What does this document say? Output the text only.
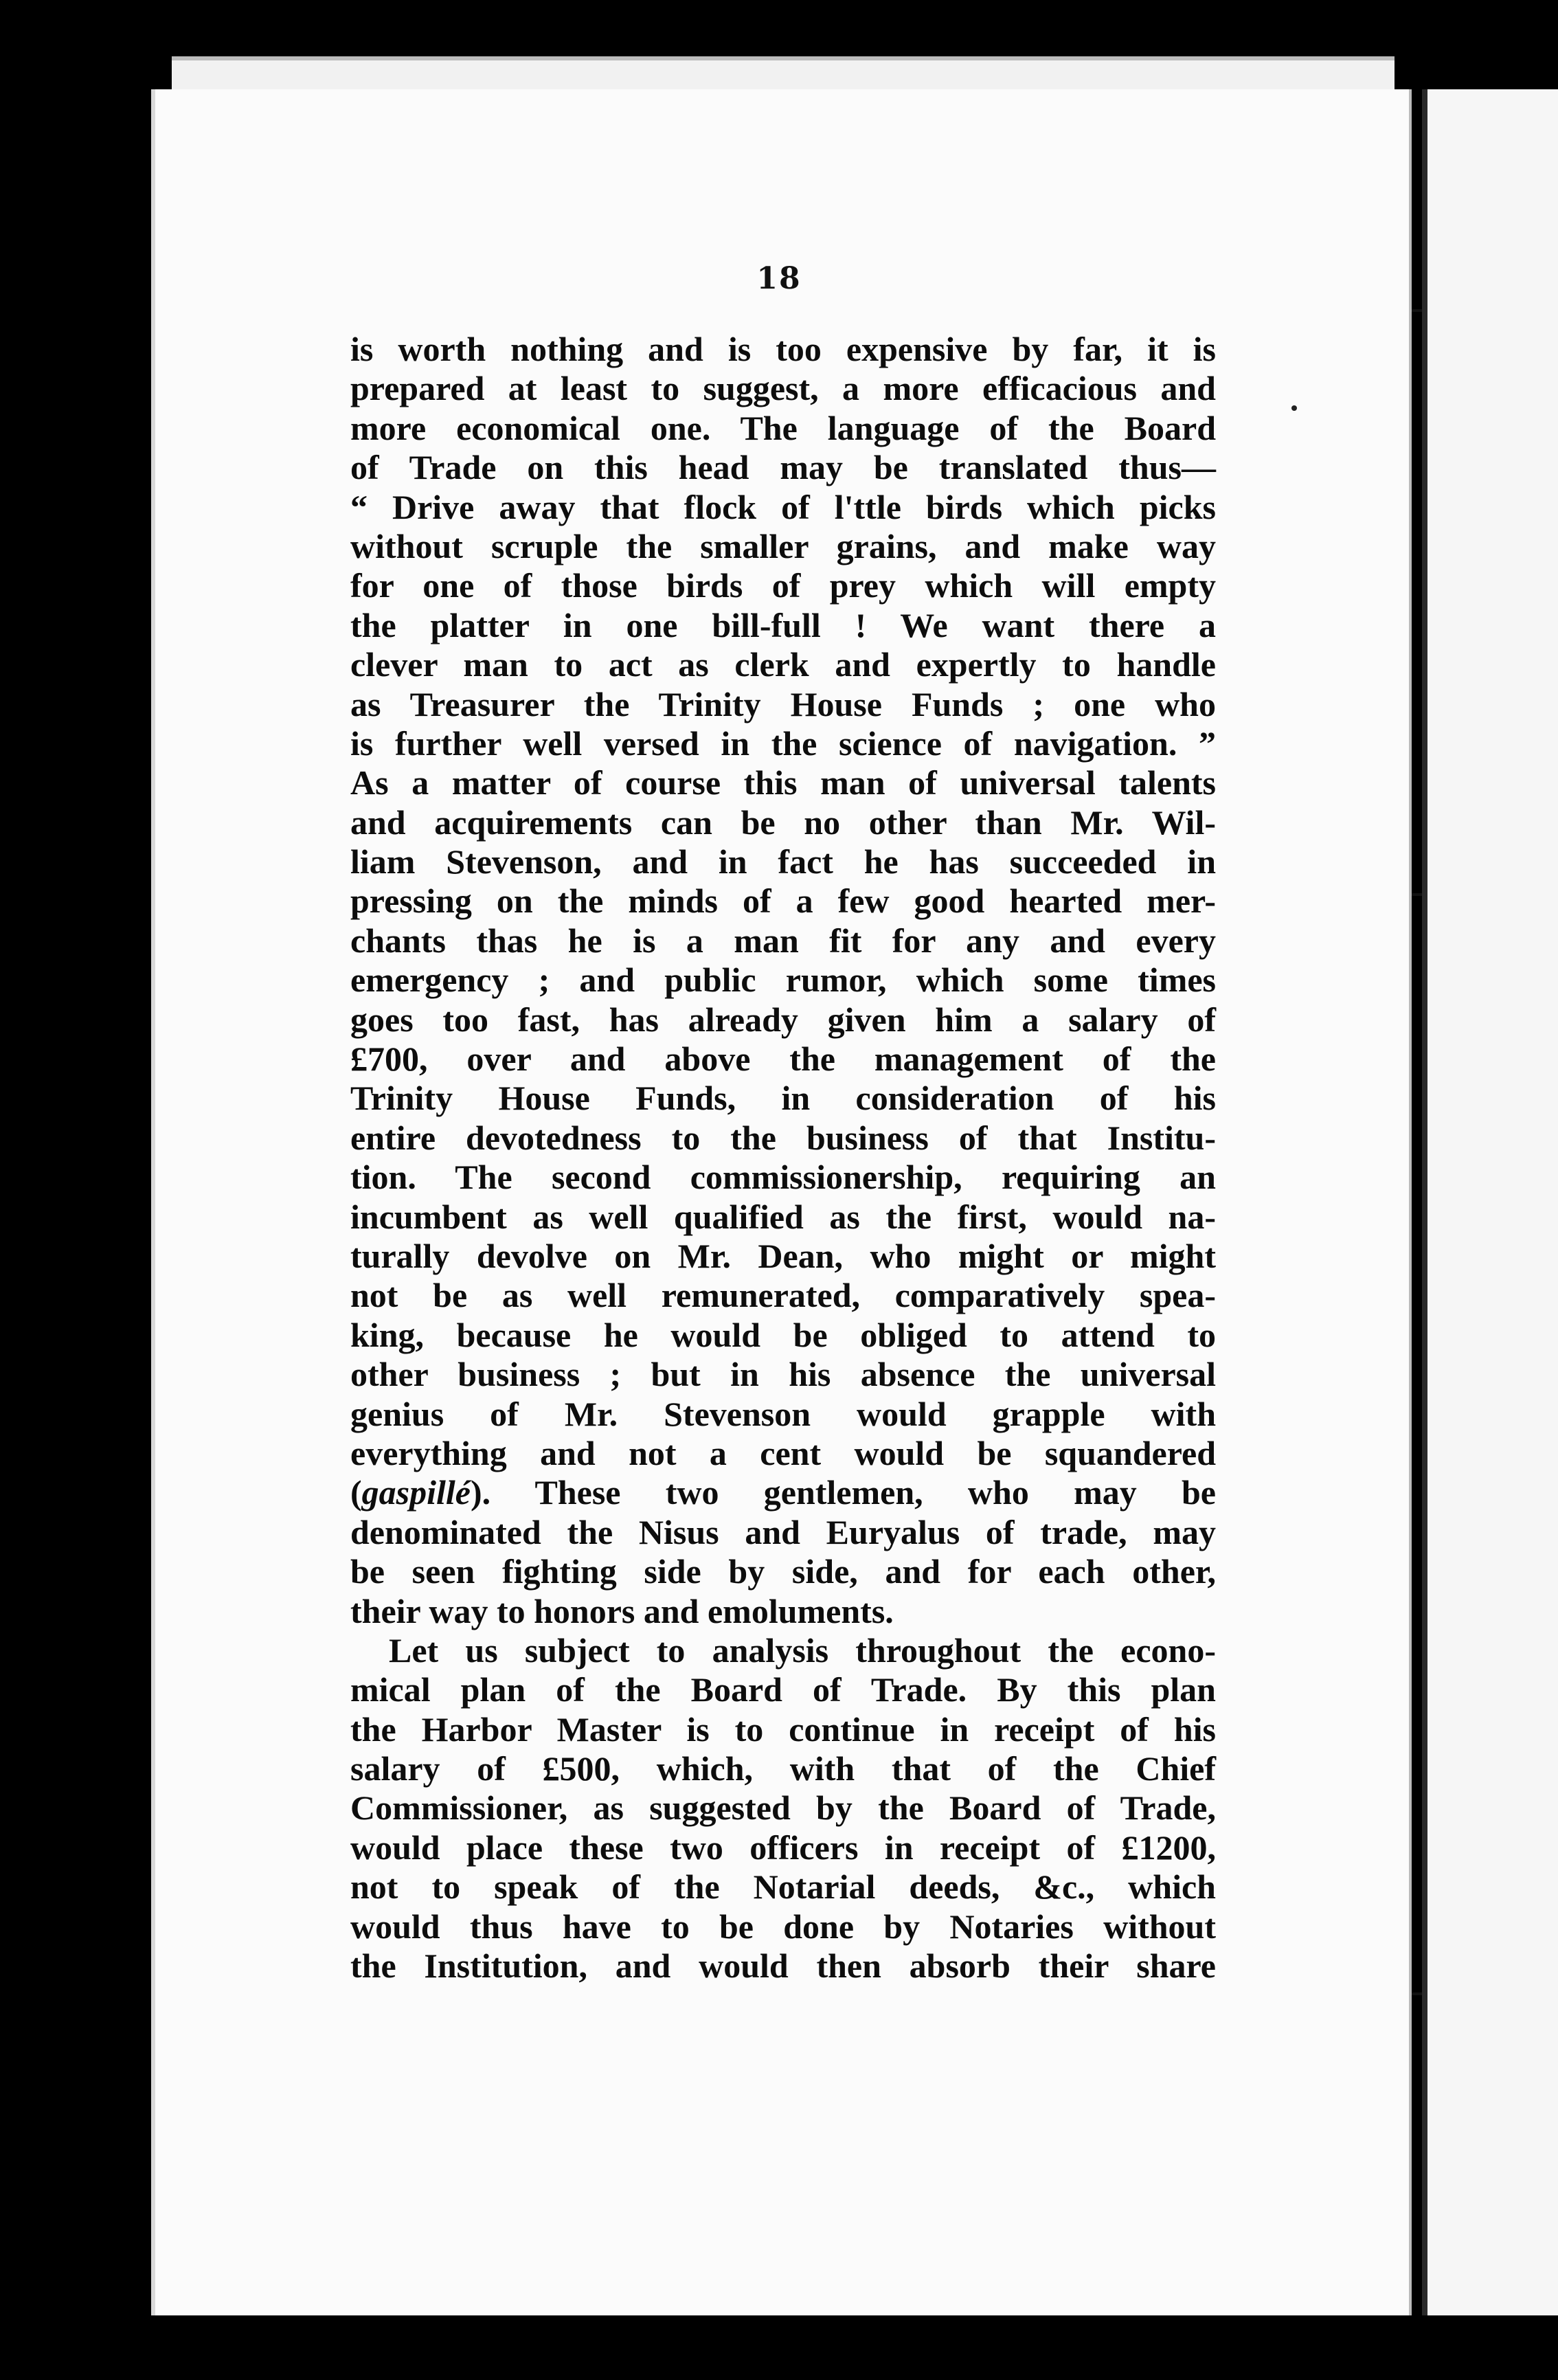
18
is worth nothing and is too expensive by far, it is
prepared at least to suggest, a more efficacious and
more economical one. The language of the Board
of Trade on this head may be translated thus—
“ Drive away that flock of l'ttle birds which picks
without scruple the smaller grains, and make way
for one of those birds of prey which will empty
the platter in one bill-full ! We want there a
clever man to act as clerk and expertly to handle
as Treasurer the Trinity House Funds ; one who
is further well versed in the science of navigation. ”
As a matter of course this man of universal talents
and acquirements can be no other than Mr. Wil-
liam Stevenson, and in fact he has succeeded in
pressing on the minds of a few good hearted mer-
chants thas he is a man fit for any and every
emergency ; and public rumor, which some times
goes too fast, has already given him a salary of
£700, over and above the management of the
Trinity House Funds, in consideration of his
entire devotedness to the business of that Institu-
tion. The second commissionership, requiring an
incumbent as well qualified as the first, would na-
turally devolve on Mr. Dean, who might or might
not be as well remunerated, comparatively spea-
king, because he would be obliged to attend to
other business ; but in his absence the universal
genius of Mr. Stevenson would grapple with
everything and not a cent would be squandered
(gaspillé). These two gentlemen, who may be
denominated the Nisus and Euryalus of trade, may
be seen fighting side by side, and for each other,
their way to honors and emoluments.
Let us subject to analysis throughout the econo-
mical plan of the Board of Trade. By this plan
the Harbor Master is to continue in receipt of his
salary of £500, which, with that of the Chief
Commissioner, as suggested by the Board of Trade,
would place these two officers in receipt of £1200,
not to speak of the Notarial deeds, &c., which
would thus have to be done by Notaries without
the Institution, and would then absorb their share
